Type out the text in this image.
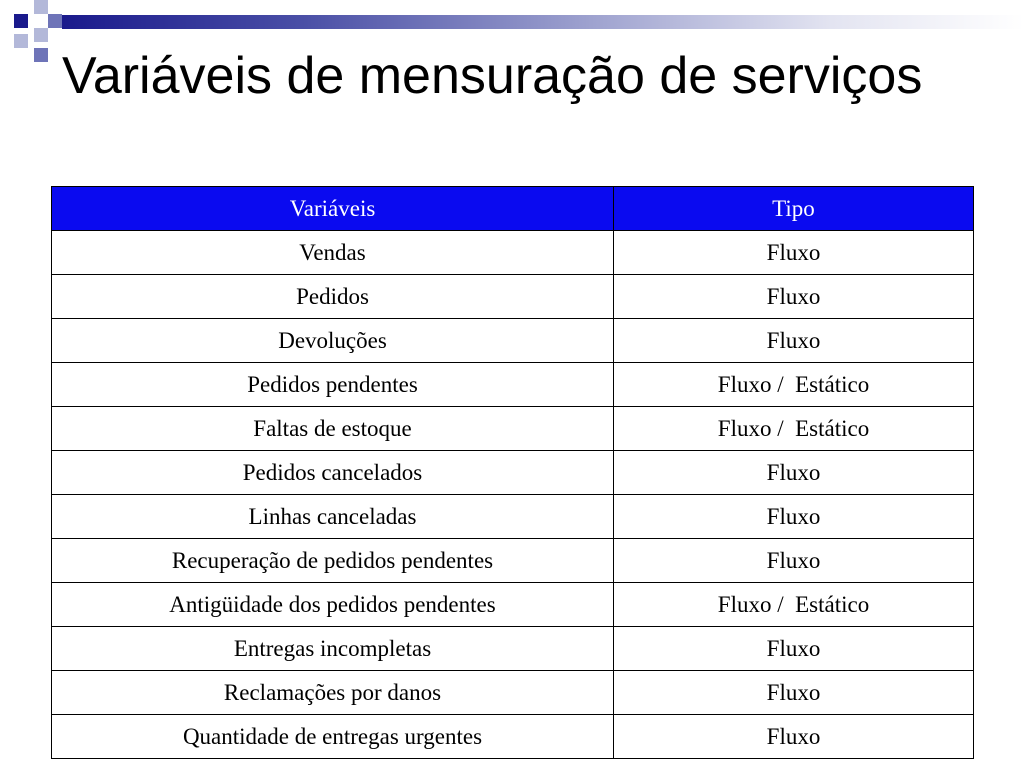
Variáveis de mensuração de serviços
Variáveis	Tipo
Vendas	Fluxo
Pedidos	Fluxo
Devoluções	Fluxo
Pedidos pendentes	Fluxo /  Estático
Faltas de estoque	Fluxo /  Estático
Pedidos cancelados	Fluxo
Linhas canceladas	Fluxo
Recuperação de pedidos pendentes	Fluxo
Antigüidade dos pedidos pendentes	Fluxo /  Estático
Entregas incompletas	Fluxo
Reclamações por danos	Fluxo
Quantidade de entregas urgentes	Fluxo
